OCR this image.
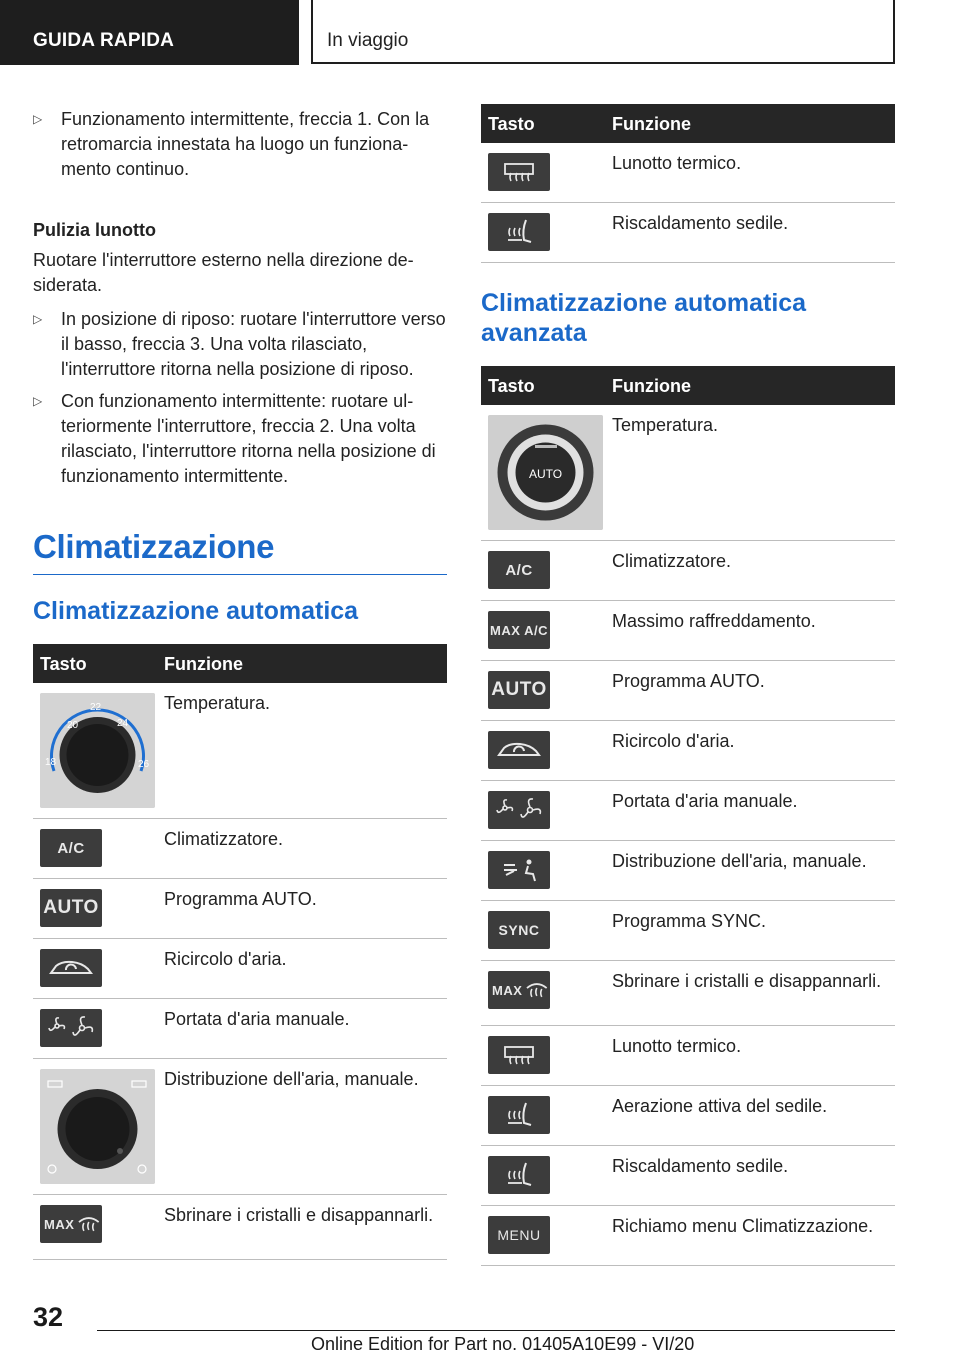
GUIDA RAPIDA	In viaggio
▷ Funzionamento intermittente, freccia 1. Con la retromarcia innestata ha luogo un funzionamento continuo.
Pulizia lunotto
Ruotare l'interruttore esterno nella direzione desiderata.
▷ In posizione di riposo: ruotare l'interruttore verso il basso, freccia 3. Una volta rilasciato, l'interruttore ritorna nella posizione di riposo.
▷ Con funzionamento intermittente: ruotare ulteriormente l'interruttore, freccia 2. Una volta rilasciato, l'interruttore ritorna nella posizione di funzionamento intermittente.
Climatizzazione
Climatizzazione automatica
Tasto	Funzione
20
22
24
18	26
Temperatura.
A/C	Climatizzatore.
AUTO	Programma AUTO.
Ricircolo d'aria.
Portata d'aria manuale.
Distribuzione dell'aria, manuale.
MAX	Sbrinare i cristalli e disappannarli.
Tasto	Funzione
Lunotto termico.
Riscaldamento sedile.
Climatizzazione automatica avanzata
Tasto	Funzione
AUTO
Temperatura.
A/C	Climatizzatore.
MAX A/C	Massimo raffreddamento.
AUTO	Programma AUTO.
Ricircolo d'aria.
Portata d'aria manuale.
Distribuzione dell'aria, manuale.
SYNC	Programma SYNC.
MAX	Sbrinare i cristalli e disappannarli.
Lunotto termico.
Aerazione attiva del sedile.
Riscaldamento sedile.
MENU	Richiamo menu Climatizzazione.
32
Online Edition for Part no. 01405A10E99 - VI/20
